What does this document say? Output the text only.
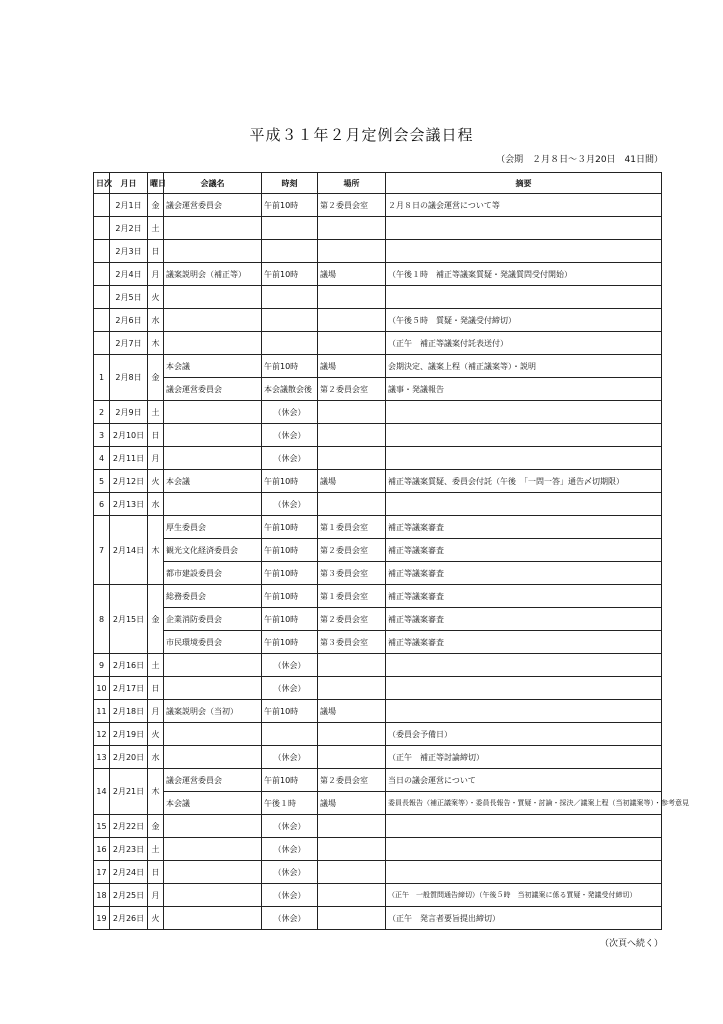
平成３１年２月定例会会議日程
（会期　２月８日～３月20日　41日間）
日次	月日	曜日	会議名	時刻	場所	摘要
	2月1日	金	議会運営委員会	午前10時	第２委員会室	２月８日の議会運営について等
	2月2日	土				
	2月3日	日				
	2月4日	月	議案説明会（補正等）	午前10時	議場	（午後１時　補正等議案質疑・発議質問受付開始）
	2月5日	火				
	2月6日	水				（午後５時　質疑・発議受付締切）
	2月7日	木				（正午　補正等議案付託表送付）
1	2月8日	金	本会議	午前10時	議場	会期決定、議案上程（補正議案等）・説明
			議会運営委員会	本会議散会後	第２委員会室	議事・発議報告
2	2月9日	土		（休会）		
3	2月10日	日		（休会）		
4	2月11日	月		（休会）		
5	2月12日	火	本会議	午前10時	議場	補正等議案質疑、委員会付託（午後　「一問一答」通告〆切期限）
6	2月13日	水		（休会）		
7	2月14日	木	厚生委員会	午前10時	第１委員会室	補正等議案審査
			観光文化経済委員会	午前10時	第２委員会室	補正等議案審査
			都市建設委員会	午前10時	第３委員会室	補正等議案審査
8	2月15日	金	総務委員会	午前10時	第１委員会室	補正等議案審査
			企業消防委員会	午前10時	第２委員会室	補正等議案審査
			市民環境委員会	午前10時	第３委員会室	補正等議案審査
9	2月16日	土		（休会）		
10	2月17日	日		（休会）		
11	2月18日	月	議案説明会（当初）	午前10時	議場	
12	2月19日	火				（委員会予備日）
13	2月20日	水		（休会）		（正午　補正等討論締切）
14	2月21日	木	議会運営委員会	午前10時	第２委員会室	当日の議会運営について
			本会議	午後１時	議場	委員長報告（補正議案等）・委員長報告・質疑・討論・採決／議案上程（当初議案等）・参考意見
15	2月22日	金		（休会）		
16	2月23日	土		（休会）		
17	2月24日	日		（休会）		
18	2月25日	月		（休会）		（正午　一般質問通告締切）（午後５時　当初議案に係る質疑・発議受付締切）
19	2月26日	火		（休会）		（正午　発言者要旨提出締切）
（次頁へ続く）
